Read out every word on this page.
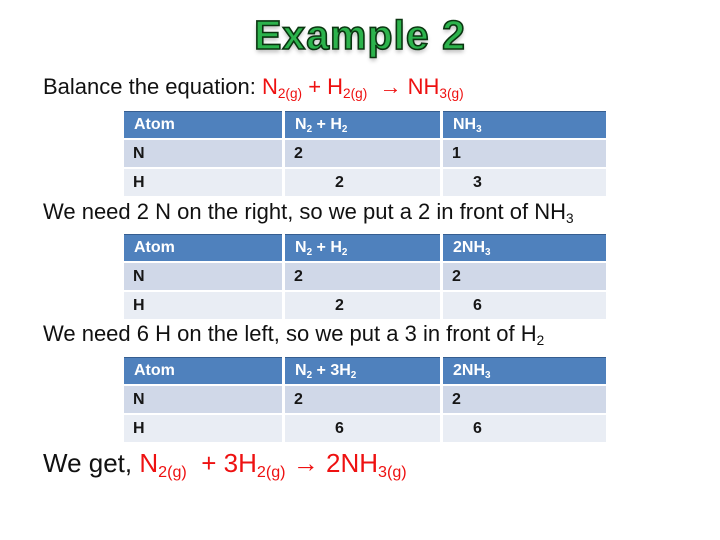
Example 2
Balance the equation: $N_{2(g)} + H_{2(g)} \to NH_{3(g)}$
Atom	$N_2 + H_2$	$NH_3$
N	2	1
H	2	3
We need 2 N on the right, so we put a 2 in front of $NH_3$
Atom	$N_2 + H_2$	$2NH_3$
N	2	2
H	2	6
We need 6 H on the left, so we put a 3 in front of $H_2$
Atom	$N_2 + 3H_2$	$2NH_3$
N	2	2
H	6	6
We get, $N_{2(g)} + 3H_{2(g)} \to 2NH_{3(g)}$
